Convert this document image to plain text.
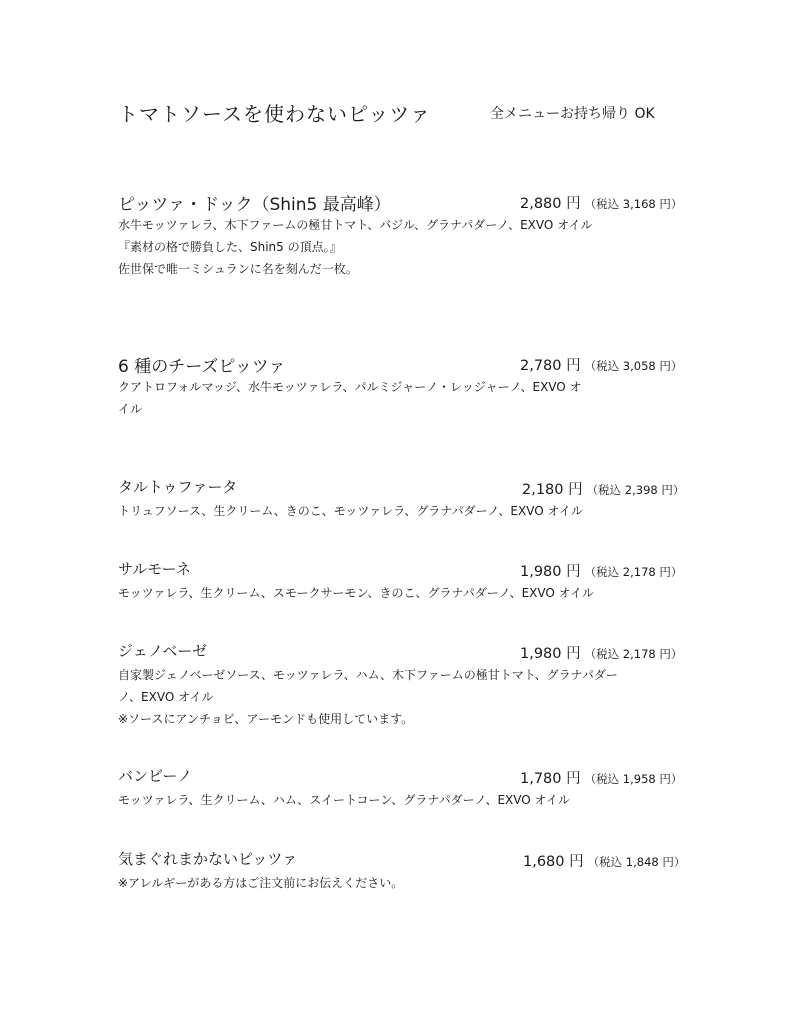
トマトソースを使わないピッツァ	全メニューお持ち帰り OK
ピッツァ・ドック（Shin5 最高峰）	2,880 円 （税込 3,168 円）
水牛モッツァレラ、木下ファームの極甘トマト、バジル、グラナパダーノ、EXVO オイル
『素材の格で勝負した、Shin5 の頂点。』
佐世保で唯一ミシュランに名を刻んだ一枚。
6 種のチーズピッツァ	2,780 円 （税込 3,058 円）
クアトロフォルマッジ、水牛モッツァレラ、パルミジャーノ・レッジャーノ、EXVO オ
イル
タルトゥファータ	2,180 円 （税込 2,398 円）
トリュフソース、生クリーム、きのこ、モッツァレラ、グラナパダーノ、EXVO オイル
サルモーネ	1,980 円 （税込 2,178 円）
モッツァレラ、生クリーム、スモークサーモン、きのこ、グラナパダーノ、EXVO オイル
ジェノベーゼ	1,980 円 （税込 2,178 円）
自家製ジェノベーゼソース、モッツァレラ、ハム、木下ファームの極甘トマト、グラナパダー
ノ、EXVO オイル
※ソースにアンチョビ、アーモンドも使用しています。
バンビーノ	1,780 円 （税込 1,958 円）
モッツァレラ、生クリーム、ハム、スイートコーン、グラナパダーノ、EXVO オイル
気まぐれまかないピッツァ	1,680 円 （税込 1,848 円）
※アレルギーがある方はご注文前にお伝えください。
